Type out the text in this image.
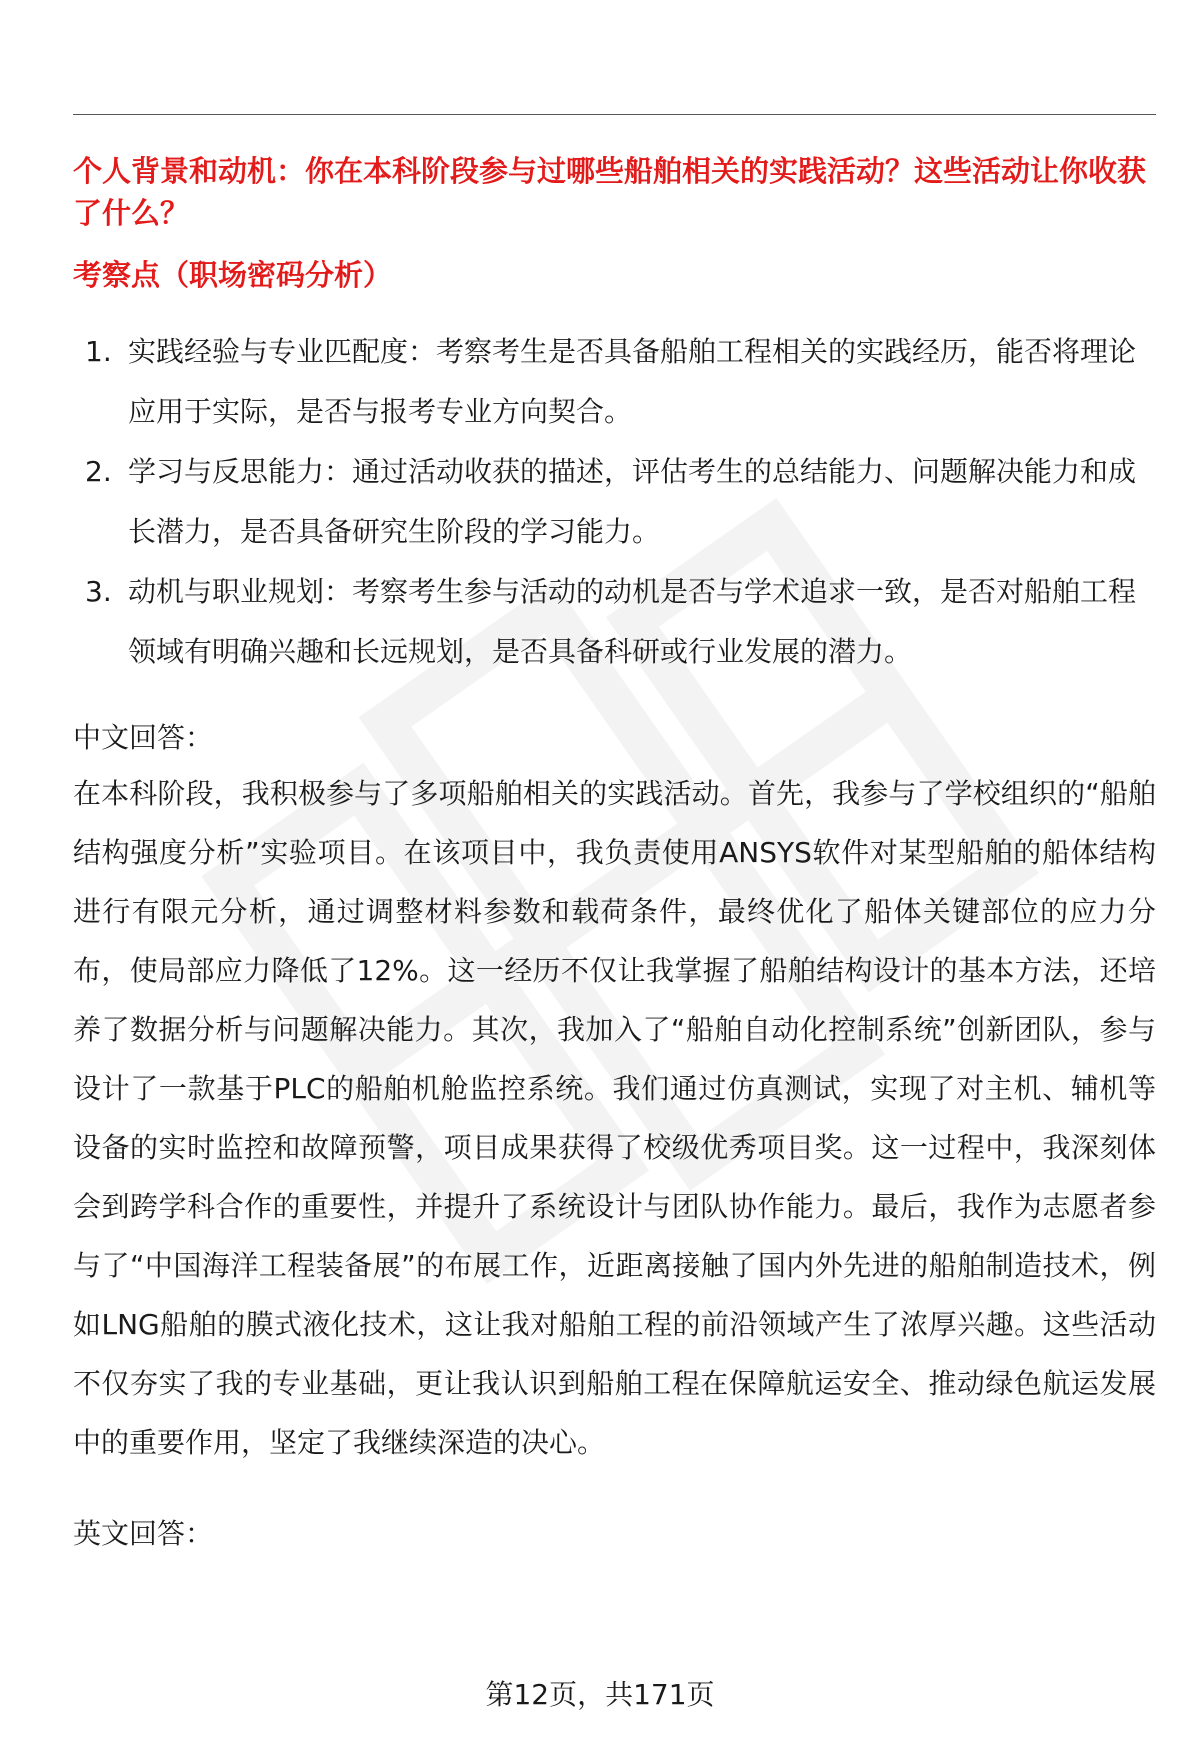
个人背景和动机：你在本科阶段参与过哪些船舶相关的实践活动？这些活动让你收获了什么？
考察点（职场密码分析）
1. 实践经验与专业匹配度：考察考生是否具备船舶工程相关的实践经历，能否将理论应用于实际，是否与报考专业方向契合。
2. 学习与反思能力：通过活动收获的描述，评估考生的总结能力、问题解决能力和成长潜力，是否具备研究生阶段的学习能力。
3. 动机与职业规划：考察考生参与活动的动机是否与学术追求一致，是否对船舶工程领域有明确兴趣和长远规划，是否具备科研或行业发展的潜力。
中文回答：
在本科阶段，我积极参与了多项船舶相关的实践活动。首先，我参与了学校组织的“船舶结构强度分析”实验项目。在该项目中，我负责使用ANSYS软件对某型船舶的船体结构进行有限元分析，通过调整材料参数和载荷条件，最终优化了船体关键部位的应力分布，使局部应力降低了12%。这一经历不仅让我掌握了船舶结构设计的基本方法，还培养了数据分析与问题解决能力。其次，我加入了“船舶自动化控制系统”创新团队，参与设计了一款基于PLC的船舶机舱监控系统。我们通过仿真测试，实现了对主机、辅机等设备的实时监控和故障预警，项目成果获得了校级优秀项目奖。这一过程中，我深刻体会到跨学科合作的重要性，并提升了系统设计与团队协作能力。最后，我作为志愿者参与了“中国海洋工程装备展”的布展工作，近距离接触了国内外先进的船舶制造技术，例如LNG船舶的膜式液化技术，这让我对船舶工程的前沿领域产生了浓厚兴趣。这些活动不仅夯实了我的专业基础，更让我认识到船舶工程在保障航运安全、推动绿色航运发展中的重要作用，坚定了我继续深造的决心。
英文回答：
第12页，共171页
